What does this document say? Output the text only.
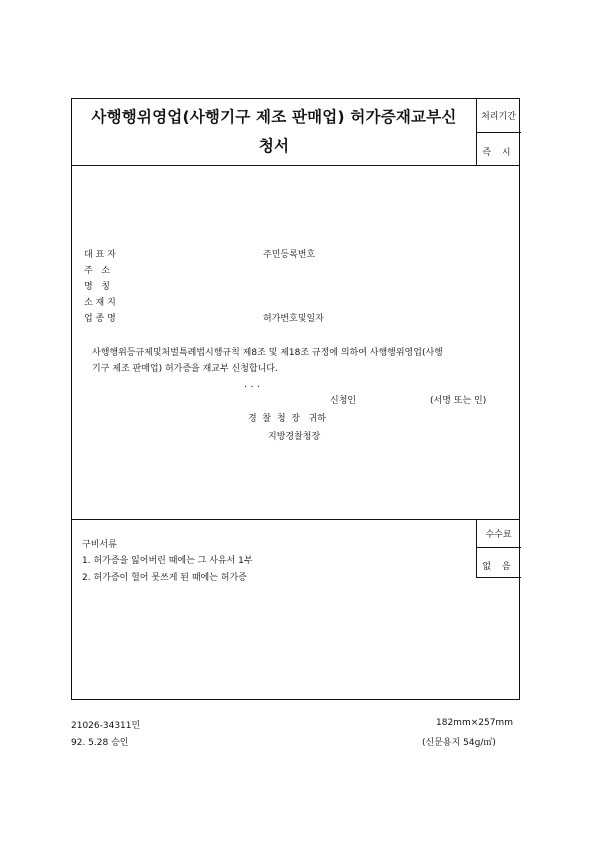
사행행위영업(사행기구 제조 판매업) 허가증재교부신
청서
처리기간
즉 시
대 표 자	주민등록번호
주   소
명   칭
소 재 지
업 종 명	허가번호및일자
사행행위등규제및처벌특례법시행규칙 제8조 및 제18조 규정에 의하여 사행행위영업(사행
기구 제조 판매업) 허가증을 재교부 신청합니다.
. . .
신청인	(서명 또는 인)
경  찰  청  장   귀하
지방경찰청장
구비서류
1. 허가증을 잃어버린 때에는 그 사유서 1부
2. 허가증이 헐어 못쓰게 된 때에는 허가증
수수료
없 음
21026-34311민
92. 5.28 승인
182mm×257mm
(신문용지 54g/㎡)
